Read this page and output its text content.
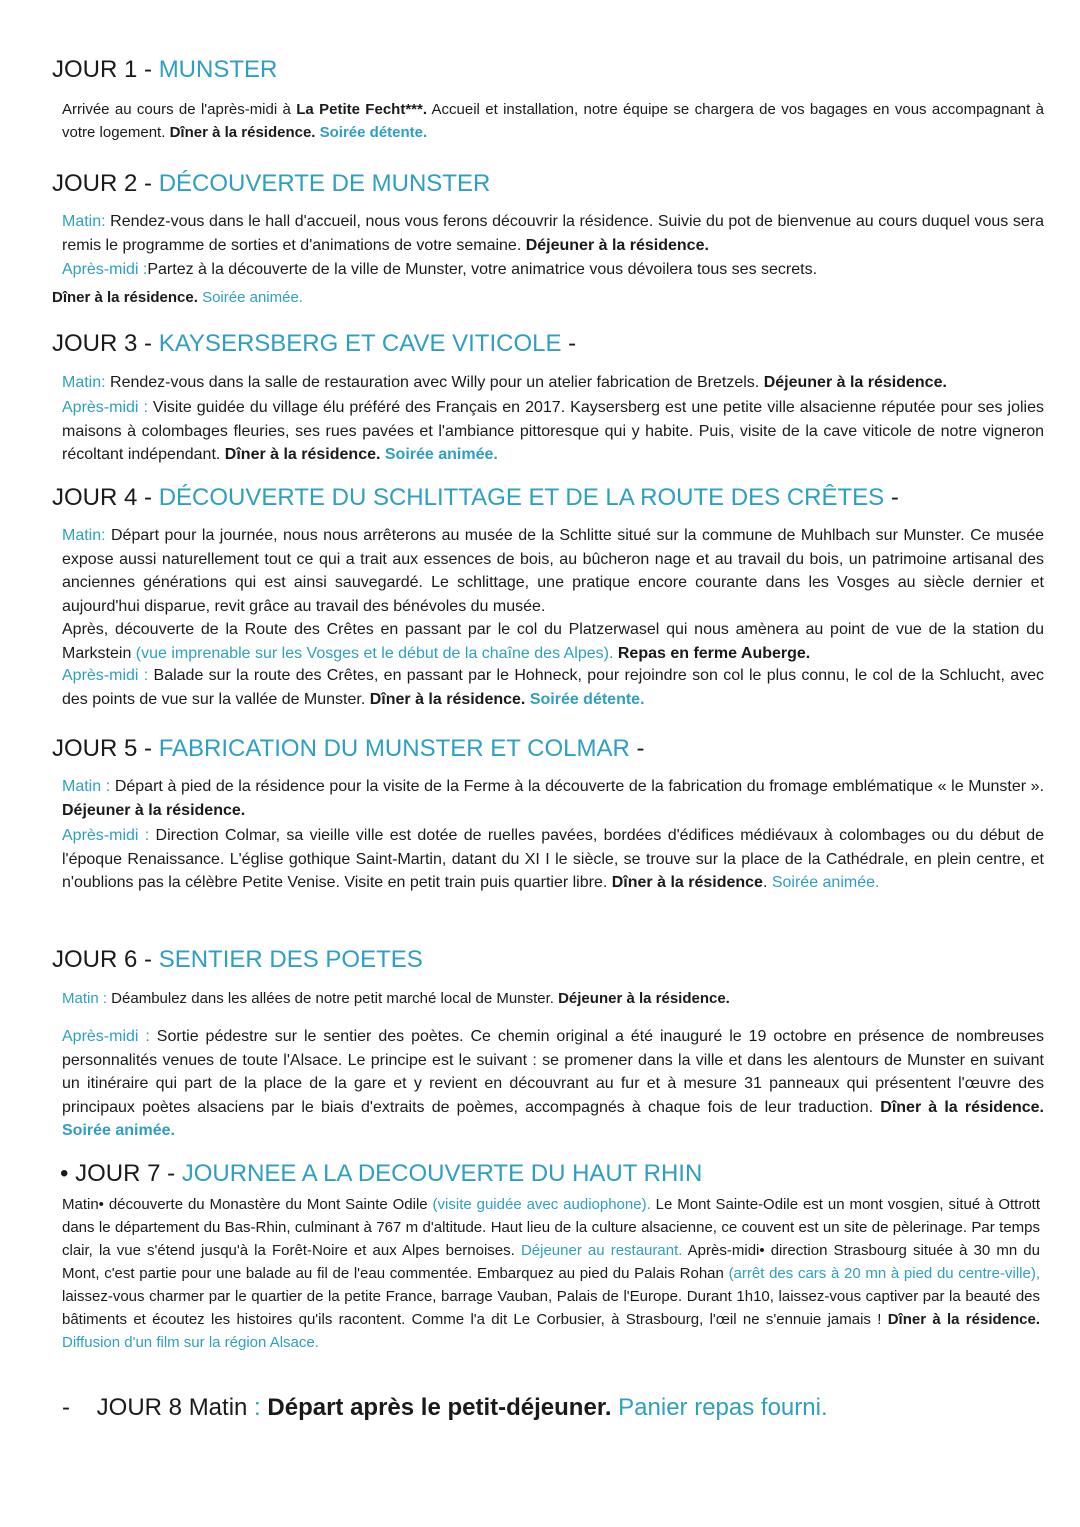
JOUR 1 - MUNSTER

Arrivée au cours de l'après-midi à La Petite Fecht***. Accueil et installation, notre équipe se chargera de vos bagages en vous accompagnant à votre logement. Dîner à la résidence. Soirée détente.

JOUR 2 - DÉCOUVERTE DE MUNSTER

Matin: Rendez-vous dans le hall d'accueil, nous vous ferons découvrir la résidence. Suivie du pot de bienvenue au cours duquel vous sera remis le programme de sorties et d'animations de votre semaine. Déjeuner à la résidence.

Après-midi :Partez à la découverte de la ville de Munster, votre animatrice vous dévoilera tous ses secrets.

Dîner à la résidence. Soirée animée.

JOUR 3 - KAYSERSBERG ET CAVE VITICOLE -

Matin: Rendez-vous dans la salle de restauration avec Willy pour un atelier fabrication de Bretzels. Déjeuner à la résidence.

Après-midi : Visite guidée du village élu préféré des Français en 2017. Kaysersberg est une petite ville alsacienne réputée pour ses jolies maisons à colombages fleuries, ses rues pavées et l'ambiance pittoresque qui y habite. Puis, visite de la cave viticole de notre vigneron récoltant indépendant. Dîner à la résidence. Soirée animée.

JOUR 4 - DÉCOUVERTE DU SCHLITTAGE ET DE LA ROUTE DES CRÊTES -

Matin: Départ pour la journée, nous nous arrêterons au musée de la Schlitte situé sur la commune de Muhlbach sur Munster. Ce musée expose aussi naturellement tout ce qui a trait aux essences de bois, au bûcheron nage et au travail du bois, un patrimoine artisanal des anciennes générations qui est ainsi sauvegardé. Le schlittage, une pratique encore courante dans les Vosges au siècle dernier et aujourd'hui disparue, revit grâce au travail des bénévoles du musée.
Après, découverte de la Route des Crêtes en passant par le col du Platzerwasel qui nous amènera au point de vue de la station du Markstein (vue imprenable sur les Vosges et le début de la chaîne des Alpes). Repas en ferme Auberge.

Après-midi : Balade sur la route des Crêtes, en passant par le Hohneck, pour rejoindre son col le plus connu, le col de la Schlucht, avec des points de vue sur la vallée de Munster. Dîner à la résidence. Soirée détente.

JOUR 5 - FABRICATION DU MUNSTER ET COLMAR -

Matin : Départ à pied de la résidence pour la visite de la Ferme à la découverte de la fabrication du fromage emblématique « le Munster ». Déjeuner à la résidence.

Après-midi : Direction Colmar, sa vieille ville est dotée de ruelles pavées, bordées d'édifices médiévaux à colombages ou du début de l'époque Renaissance. L'église gothique Saint-Martin, datant du XI I le siècle, se trouve sur la place de la Cathédrale, en plein centre, et n'oublions pas la célèbre Petite Venise. Visite en petit train puis quartier libre. Dîner à la résidence. Soirée animée.

JOUR 6 - SENTIER DES POETES

Matin : Déambulez dans les allées de notre petit marché local de Munster. Déjeuner à la résidence.

Après-midi : Sortie pédestre sur le sentier des poètes. Ce chemin original a été inauguré le 19 octobre en présence de nombreuses personnalités venues de toute l'Alsace. Le principe est le suivant : se promener dans la ville et dans les alentours de Munster en suivant un itinéraire qui part de la place de la gare et y revient en découvrant au fur et à mesure 31 panneaux qui présentent l'œuvre des principaux poètes alsaciens par le biais d'extraits de poèmes, accompagnés à chaque fois de leur traduction. Dîner à la résidence. Soirée animée.

• JOUR 7 - JOURNEE A LA DECOUVERTE DU HAUT RHIN

Matin• découverte du Monastère du Mont Sainte Odile (visite guidée avec audiophone). Le Mont Sainte-Odile est un mont vosgien, situé à Ottrott dans le département du Bas-Rhin, culminant à 767 m d'altitude. Haut lieu de la culture alsacienne, ce couvent est un site de pèlerinage. Par temps clair, la vue s'étend jusqu'à la Forêt-Noire et aux Alpes bernoises. Déjeuner au restaurant. Après-midi• direction Strasbourg située à 30 mn du Mont, c'est partie pour une balade au fil de l'eau commentée. Embarquez au pied du Palais Rohan (arrêt des cars à 20 mn à pied du centre-ville), laissez-vous charmer par le quartier de la petite France, barrage Vauban, Palais de l'Europe. Durant 1h10, laissez-vous captiver par la beauté des bâtiments et écoutez les histoires qu'ils racontent. Comme l'a dit Le Corbusier, à Strasbourg, l'œil ne s'ennuie jamais ! Dîner à la résidence. Diffusion d'un film sur la région Alsace.

- JOUR 8 Matin : Départ après le petit-déjeuner. Panier repas fourni.
